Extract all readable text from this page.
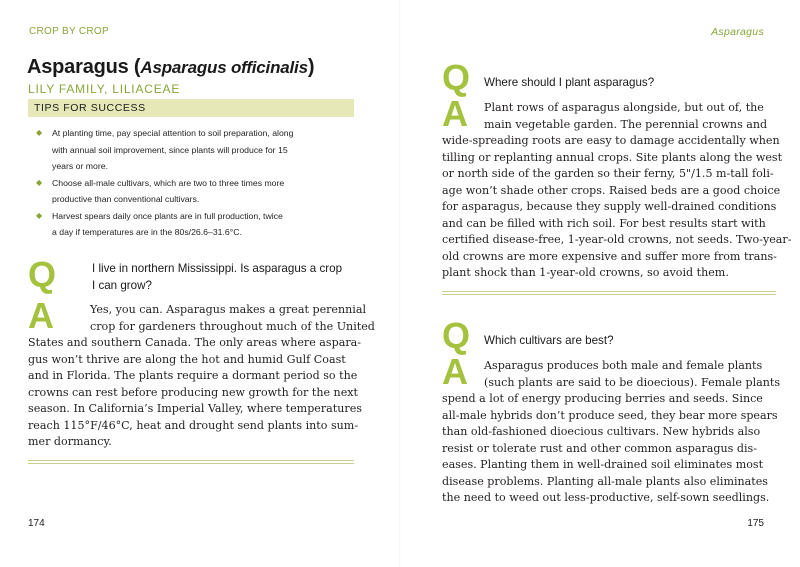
CROP BY CROP
Asparagus (Asparagus officinalis)
LILY FAMILY, LILIACEAE
TIPS FOR SUCCESS
◆ At planting time, pay special attention to soil preparation, along
with annual soil improvement, since plants will produce for 15
years or more.
◆ Choose all-male cultivars, which are two to three times more
productive than conventional cultivars.
◆ Harvest spears daily once plants are in full production, twice
a day if temperatures are in the 80s/26.6–31.6°C.
Q	I live in northern Mississippi. Is asparagus a crop
I can grow?
A	Yes, you can. Asparagus makes a great perennial
crop for gardeners throughout much of the United
States and southern Canada. The only areas where aspara-
gus won’t thrive are along the hot and humid Gulf Coast
and in Florida. The plants require a dormant period so the
crowns can rest before producing new growth for the next
season. In California’s Imperial Valley, where temperatures
reach 115°F/46°C, heat and drought send plants into sum-
mer dormancy.
174
Asparagus
Q Where should I plant asparagus?
A	Plant rows of asparagus alongside, but out of, the
main vegetable garden. The perennial crowns and
wide-spreading roots are easy to damage accidentally when
tilling or replanting annual crops. Site plants along the west
or north side of the garden so their ferny, 5"/1.5 m-tall foli-
age won’t shade other crops. Raised beds are a good choice
for asparagus, because they supply well-drained conditions
and can be filled with rich soil. For best results start with
certified disease-free, 1-year-old crowns, not seeds. Two-year-
old crowns are more expensive and suffer more from trans-
plant shock than 1-year-old crowns, so avoid them.
Q Which cultivars are best?
A	Asparagus produces both male and female plants
(such plants are said to be dioecious). Female plants
spend a lot of energy producing berries and seeds. Since
all-male hybrids don’t produce seed, they bear more spears
than old-fashioned dioecious cultivars. New hybrids also
resist or tolerate rust and other common asparagus dis-
eases. Planting them in well-drained soil eliminates most
disease problems. Planting all-male plants also eliminates
the need to weed out less-productive, self-sown seedlings.
175
